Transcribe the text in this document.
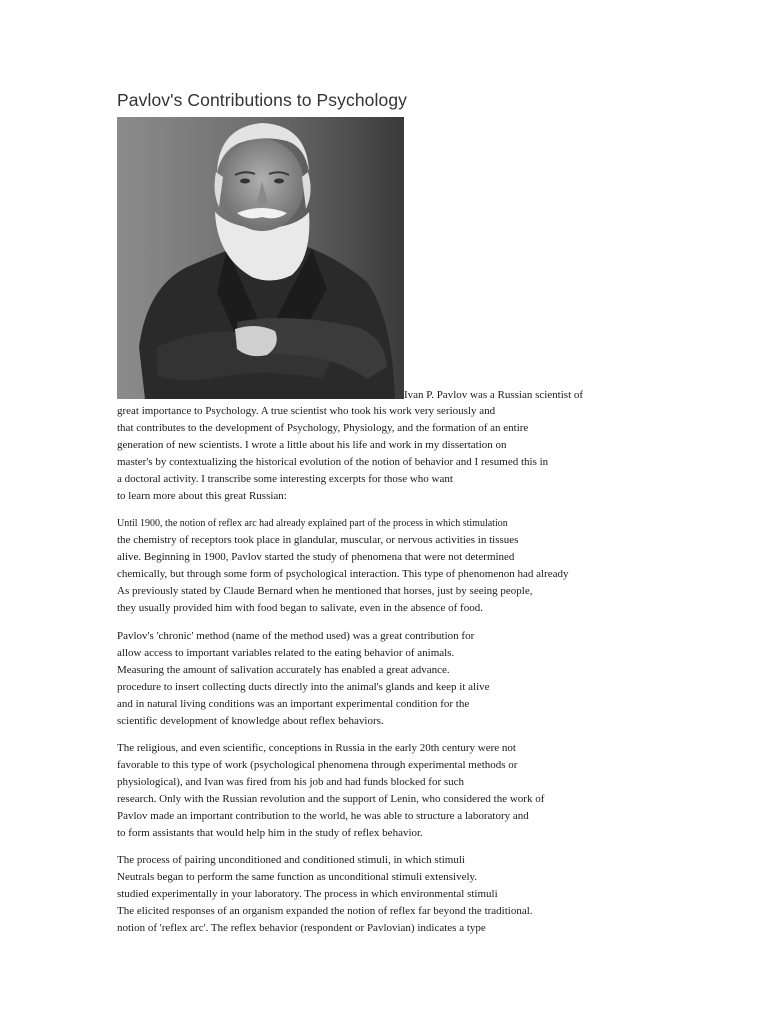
Pavlov's Contributions to Psychology
Ivan P. Pavlov was a Russian scientist of
great importance to Psychology. A true scientist who took his work very seriously and
that contributes to the development of Psychology, Physiology, and the formation of an entire
generation of new scientists. I wrote a little about his life and work in my dissertation on
master's by contextualizing the historical evolution of the notion of behavior and I resumed this in
a doctoral activity. I transcribe some interesting excerpts for those who want
to learn more about this great Russian:
Until 1900, the notion of reflex arc had already explained part of the process in which stimulation
the chemistry of receptors took place in glandular, muscular, or nervous activities in tissues
alive. Beginning in 1900, Pavlov started the study of phenomena that were not determined
chemically, but through some form of psychological interaction. This type of phenomenon had already
As previously stated by Claude Bernard when he mentioned that horses, just by seeing people,
they usually provided him with food began to salivate, even in the absence of food.
Pavlov's 'chronic' method (name of the method used) was a great contribution for
allow access to important variables related to the eating behavior of animals.
Measuring the amount of salivation accurately has enabled a great advance.
procedure to insert collecting ducts directly into the animal's glands and keep it alive
and in natural living conditions was an important experimental condition for the
scientific development of knowledge about reflex behaviors.
The religious, and even scientific, conceptions in Russia in the early 20th century were not
favorable to this type of work (psychological phenomena through experimental methods or
physiological), and Ivan was fired from his job and had funds blocked for such
research. Only with the Russian revolution and the support of Lenin, who considered the work of
Pavlov made an important contribution to the world, he was able to structure a laboratory and
to form assistants that would help him in the study of reflex behavior.
The process of pairing unconditioned and conditioned stimuli, in which stimuli
Neutrals began to perform the same function as unconditional stimuli extensively.
studied experimentally in your laboratory. The process in which environmental stimuli
The elicited responses of an organism expanded the notion of reflex far beyond the traditional.
notion of 'reflex arc'. The reflex behavior (respondent or Pavlovian) indicates a type
